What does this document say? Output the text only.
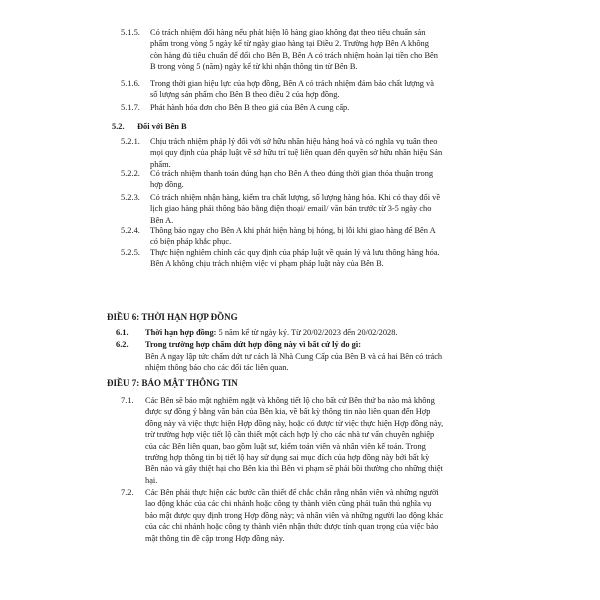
5.1.5. Có trách nhiệm đổi hàng nếu phát hiện lô hàng giao không đạt theo tiêu chuẩn sản
phẩm trong vòng 5 ngày kể từ ngày giao hàng tại Điều 2. Trường hợp Bên A không
còn hàng đủ tiêu chuẩn để đổi cho Bên B, Bên A có trách nhiệm hoàn lại tiền cho Bên
B trong vòng 5 (năm) ngày kể từ khi nhận thông tin từ Bên B.
5.1.6. Trong thời gian hiệu lực của hợp đồng, Bên A có trách nhiệm đảm bảo chất lượng và
số lượng sản phẩm cho Bên B theo điều 2 của hợp đồng.
5.1.7. Phát hành hóa đơn cho Bên B theo giá của Bên A cung cấp.
5.2. Đối với Bên B
5.2.1. Chịu trách nhiệm pháp lý đối với sở hữu nhãn hiệu hàng hoá và có nghĩa vụ tuân theo
mọi quy định của pháp luật về sở hữu trí tuệ liên quan đến quyền sở hữu nhãn hiệu Sản
phẩm.
5.2.2. Có trách nhiệm thanh toán đúng hạn cho Bên A theo đúng thời gian thỏa thuận trong
hợp đồng.
5.2.3. Có trách nhiệm nhận hàng, kiểm tra chất lượng, số lượng hàng hóa. Khi có thay đổi về
lịch giao hàng phải thông báo bằng điện thoại/ email/ văn bản trước từ 3-5 ngày cho
Bên A.
5.2.4. Thông báo ngay cho Bên A khi phát hiện hàng bị hỏng, bị lỗi khi giao hàng để Bên A
có biện pháp khắc phục.
5.2.5. Thực hiện nghiêm chỉnh các quy định của pháp luật về quản lý và lưu thông hàng hóa.
Bên A không chịu trách nhiệm việc vi phạm pháp luật này của Bên B.
ĐIỀU 6: THỜI HẠN HỢP ĐỒNG
6.1. Thời hạn hợp đồng: 5 năm kể từ ngày ký. Từ 20/02/2023 đến 20/02/2028.
6.2. Trong trường hợp chấm dứt hợp đồng này vì bất cứ lý do gì:
Bên A ngay lập tức chấm dứt tư cách là Nhà Cung Cấp của Bên B và cả hai Bên có trách
nhiệm thông báo cho các đối tác liên quan.
ĐIỀU 7: BẢO MẬT THÔNG TIN
7.1. Các Bên sẽ bảo mật nghiêm ngặt và không tiết lộ cho bất cứ Bên thứ ba nào mà không
được sự đồng ý bằng văn bản của Bên kia, về bất kỳ thông tin nào liên quan đến Hợp
đồng này và việc thực hiện Hợp đồng này, hoặc có được từ việc thực hiện Hợp đồng này,
trừ trường hợp việc tiết lộ cần thiết một cách hợp lý cho các nhà tư vấn chuyên nghiệp
của các Bên liên quan, bao gồm luật sư, kiểm toán viên và nhân viên kế toán. Trong
trường hợp thông tin bị tiết lộ hay sử dụng sai mục đích của hợp đồng này bởi bất kỳ
Bên nào và gây thiệt hại cho Bên kia thì Bên vi phạm sẽ phải bồi thường cho những thiệt
hại.
7.2. Các Bên phải thực hiện các bước cần thiết để chắc chắn rằng nhân viên và những người
lao động khác của các chi nhánh hoặc công ty thành viên cũng phải tuân thủ nghĩa vụ
bảo mật được quy định trong Hợp đồng này; và nhân viên và những người lao động khác
của các chi nhánh hoặc công ty thành viên nhận thức được tính quan trọng của việc bảo
mật thông tin đề cập trong Hợp đồng này.
